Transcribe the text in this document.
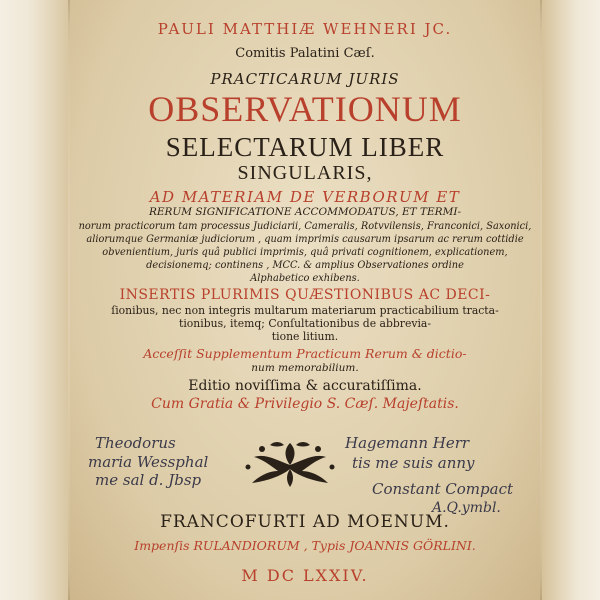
PAULI MATTHIÆ WEHNERI JC.
Comitis Palatini Cæſ.
PRACTICARUM JURIS
OBSERVATIONUM
SELECTARUM LIBER
SINGULARIS,
AD MATERIAM DE VERBORUM ET
RERUM SIGNIFICATIONE ACCOMMODATUS, ET TERMI-
norum practicorum tam processus Judiciarii, Cameralis, Rotvvilensis, Franconici, Saxonici,
aliorumque Germaniæ judiciorum , quam imprimis causarum ipsarum ac rerum cottidie
obvenientium, juris quâ publici imprimis, quâ privati cognitionem, explicationem,
decisionemq; continens , MCC. & amplius Observationes ordine
Alphabetico exhibens.
INSERTIS PLURIMIS QUÆSTIONIBUS AC DECI-
ſionibus, nec non integris multarum materiarum practicabilium tracta-
tionibus, itemq; Conſultationibus de abbrevia-
tione litium.
Acceſſit Supplementum Practicum Rerum & dictio-
num memorabilium.
Editio noviſſima & accuratiſſima.
Cum Gratia & Privilegio S. Cæſ. Majeſtatis.
Theodorus
maria Wessphal
me sal d. Jbsp
Hagemann Herr
tis me suis anny
Constant Compact
A.Q.ymbl.
FRANCOFURTI AD MOENUM.
Impenſis RULANDIORUM , Typis JOANNIS GÖRLINI.
M DC LXXIV.
